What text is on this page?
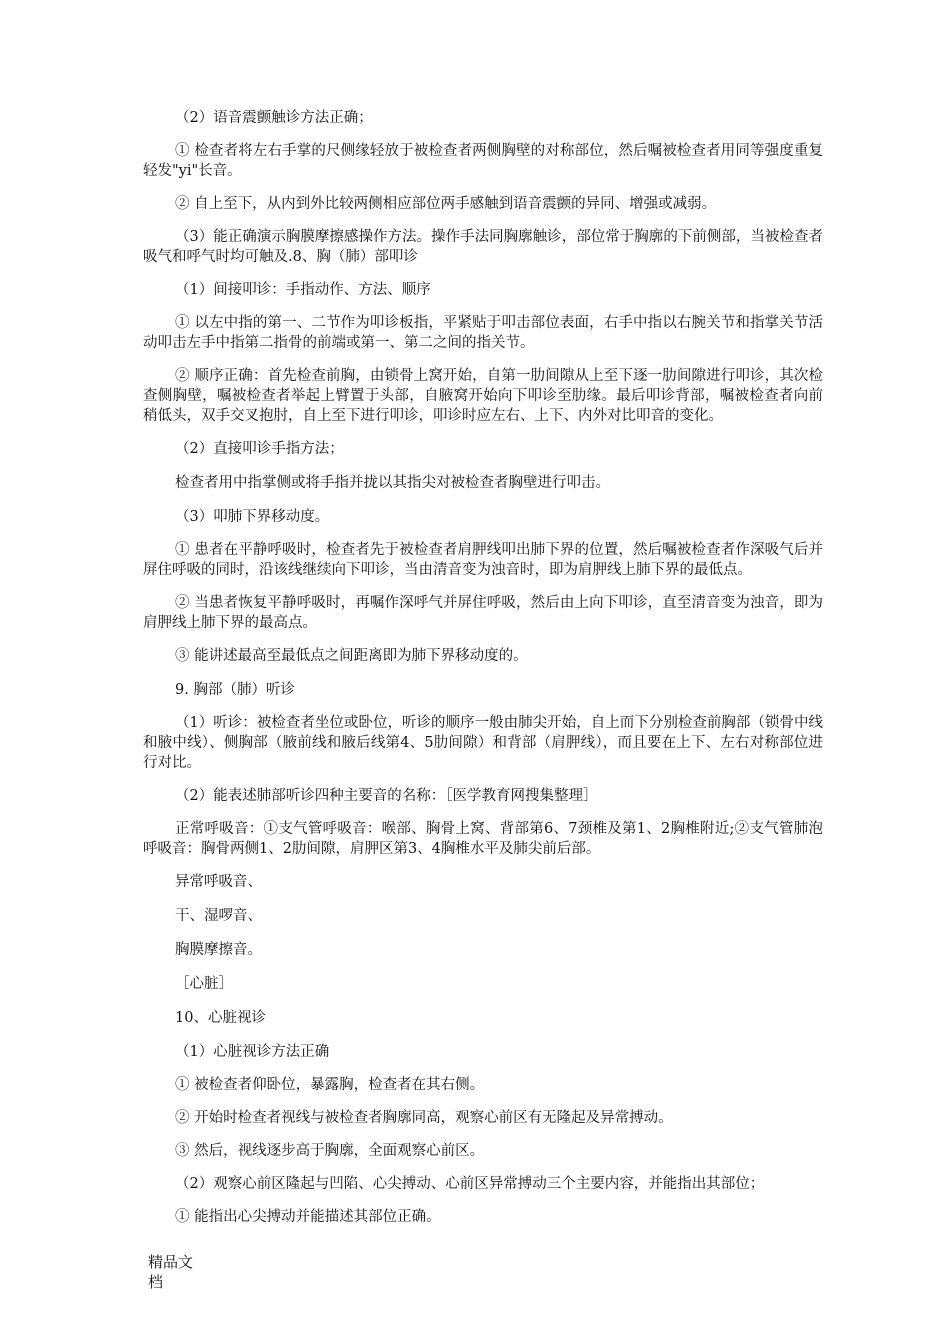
（2）语音震颤触诊方法正确；

① 检查者将左右手掌的尺侧缘轻放于被检查者两侧胸壁的对称部位，然后嘱被检查者用同等强度重复轻发"yi"长音。

② 自上至下，从内到外比较两侧相应部位两手感触到语音震颤的异同、增强或减弱。

（3）能正确演示胸膜摩擦感操作方法。操作手法同胸廓触诊，部位常于胸廓的下前侧部，当被检查者吸气和呼气时均可触及.8、胸（肺）部叩诊

（1）间接叩诊：手指动作、方法、顺序

① 以左中指的第一、二节作为叩诊板指，平紧贴于叩击部位表面，右手中指以右腕关节和指掌关节活动叩击左手中指第二指骨的前端或第一、第二之间的指关节。

② 顺序正确：首先检查前胸，由锁骨上窝开始，自第一肋间隙从上至下逐一肋间隙进行叩诊，其次检查侧胸壁，嘱被检查者举起上臂置于头部，自腋窝开始向下叩诊至肋缘。最后叩诊背部，嘱被检查者向前稍低头，双手交叉抱肘，自上至下进行叩诊，叩诊时应左右、上下、内外对比叩音的变化。

（2）直接叩诊手指方法；

检查者用中指掌侧或将手指并拢以其指尖对被检查者胸壁进行叩击。

（3）叩肺下界移动度。

① 患者在平静呼吸时，检查者先于被检查者肩胛线叩出肺下界的位置，然后嘱被检查者作深吸气后并屏住呼吸的同时，沿该线继续向下叩诊，当由清音变为浊音时，即为肩胛线上肺下界的最低点。

② 当患者恢复平静呼吸时，再嘱作深呼气并屏住呼吸，然后由上向下叩诊，直至清音变为浊音，即为肩胛线上肺下界的最高点。

③ 能讲述最高至最低点之间距离即为肺下界移动度的。

9. 胸部（肺）听诊

（1）听诊：被检查者坐位或卧位，听诊的顺序一般由肺尖开始，自上而下分别检查前胸部（锁骨中线和腋中线）、侧胸部（腋前线和腋后线第4、5肋间隙）和背部（肩胛线），而且要在上下、左右对称部位进行对比。

（2）能表述肺部听诊四种主要音的名称：［医学教育网搜集整理］

正常呼吸音：①支气管呼吸音：喉部、胸骨上窝、背部第6、7颈椎及第1、2胸椎附近;②支气管肺泡呼吸音：胸骨两侧1、2肋间隙，肩胛区第3、4胸椎水平及肺尖前后部。

异常呼吸音、

干、湿啰音、

胸膜摩擦音。

［心脏］

10、心脏视诊

（1）心脏视诊方法正确

① 被检查者仰卧位，暴露胸，检查者在其右侧。

② 开始时检查者视线与被检查者胸廓同高，观察心前区有无隆起及异常搏动。

③ 然后，视线逐步高于胸廓，全面观察心前区。

（2）观察心前区隆起与凹陷、心尖搏动、心前区异常搏动三个主要内容，并能指出其部位；

① 能指出心尖搏动并能描述其部位正确。

精品文
档
